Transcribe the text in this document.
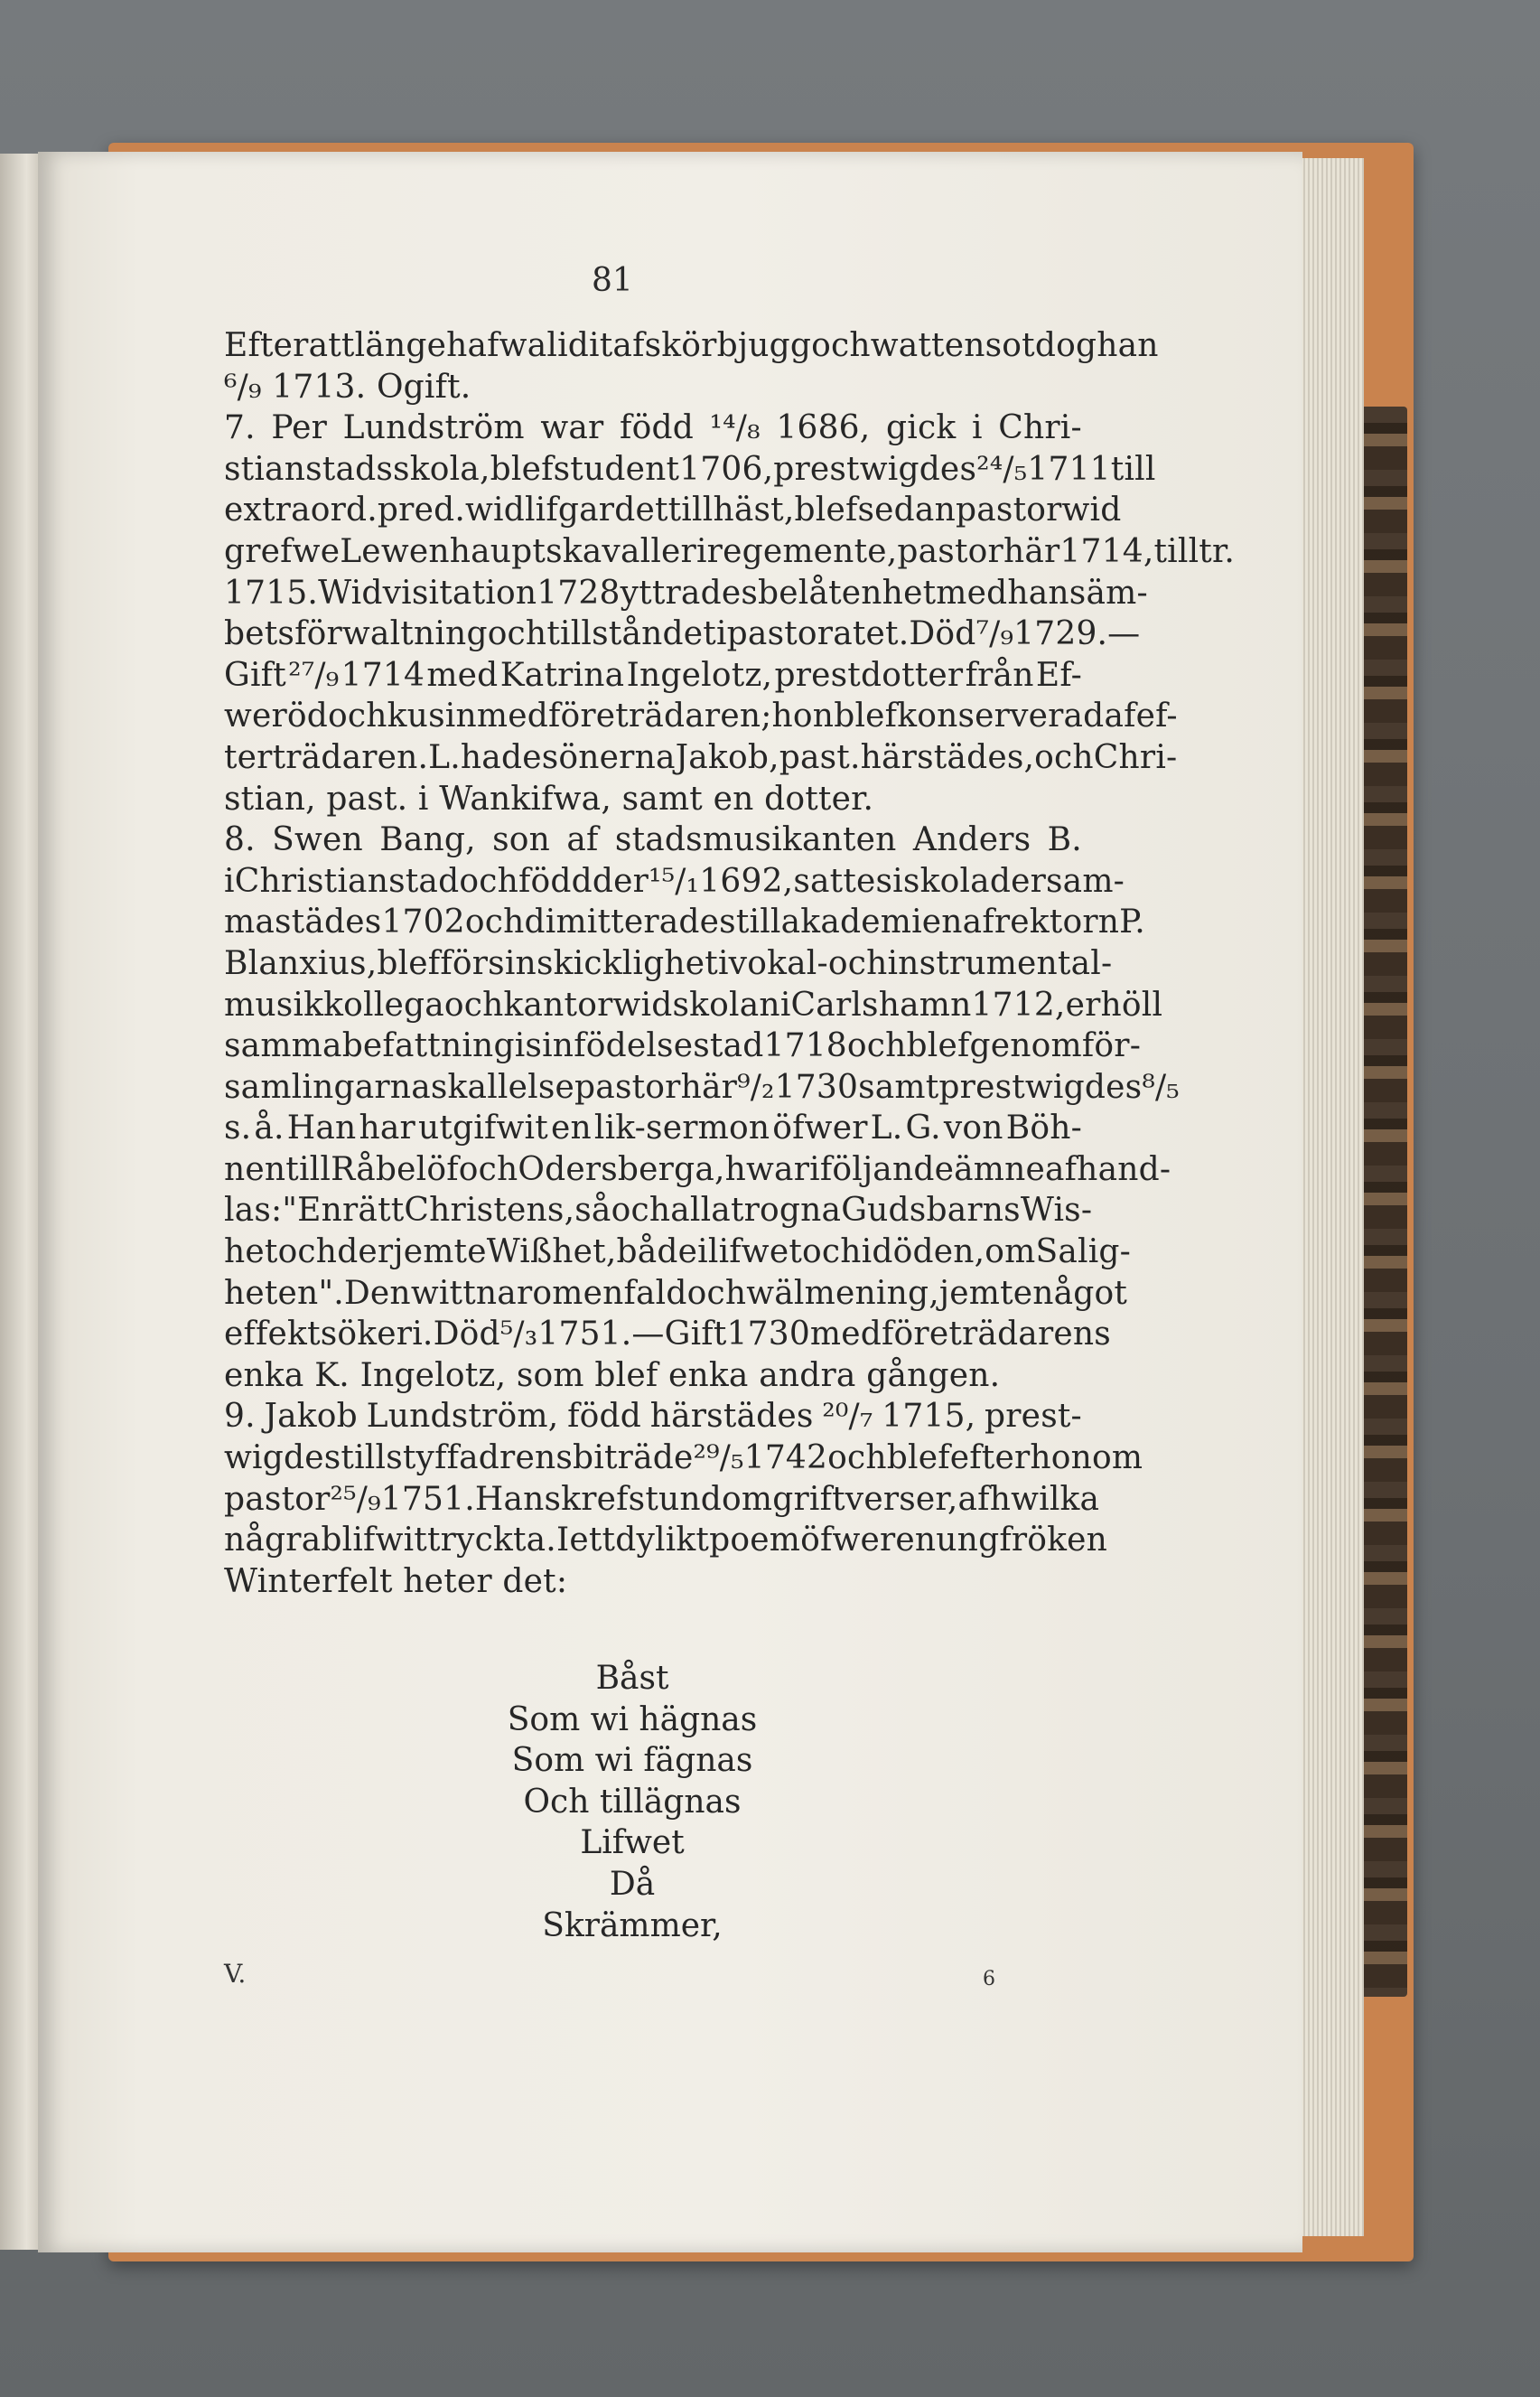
81
Efter att länge hafwa lidit af skörbjugg och wattensot dog han
⁶/₉ 1713. Ogift.
7. Per Lundström war född ¹⁴/₈ 1686, gick i Chri-
stianstads skola, blef student 1706, prestwigdes ²⁴/₅ 1711 till
extraord. pred. wid lifgardet till häst, blef sedan pastor wid
grefwe Lewenhaupts kavalleriregemente, pastor här 1714, tilltr.
1715. Wid visitation 1728 yttrades belåtenhet med hans äm-
betsförwaltning och tillståndet i pastoratet. Död ⁷/₉ 1729.—
Gift ²⁷/₉ 1714 med Katrina Ingelotz, prestdotter från Ef-
weröd och kusin med företrädaren; hon blef konserverad af ef-
terträdaren. L. hade sönerna Jakob, past. härstädes, och Chri-
stian, past. i Wankifwa, samt en dotter.
8. Swen Bang, son af stadsmusikanten Anders B.
i Christianstad och född der ¹⁵/₁ 1692, sattes i skola dersam-
mastädes 1702 och dimitterades till akademien af rektorn P.
Blanxius, blef för sin skicklighet i vokal- och instrumental-
musik kollega och kantor wid skolan i Carlshamn 1712, erhöll
samma befattning i sin födelsestad 1718 och blef genom för-
samlingarnas kallelse pastor här ⁹/₂ 1730 samt prestwigdes ⁸/₅
s. å. Han har utgifwit en lik-sermon öfwer L. G. von Böh-
nen till Råbelöf och Odersberga, hwari följande ämne afhand-
las: "En rätt Christens, så och alla trogna Guds barns Wis-
het och derjemte Wißhet, både i lifwet och i döden, om Salig-
heten". Den wittnar om enfald och wälmening, jemte något
effektsökeri. Död ⁵/₃ 1751. — Gift 1730 med företrädarens
enka K. Ingelotz, som blef enka andra gången.
9. Jakob Lundström, född härstädes ²⁰/₇ 1715, prest-
wigdes till styffadrens biträde ²⁹/₅ 1742 och blef efter honom
pastor ²⁵/₉ 1751. Han skref stundom griftverser, af hwilka
några blifwit tryckta. I ett dylikt poem öfwer en ung fröken
Winterfelt heter det:
Båst
Som wi hägnas
Som wi fägnas
Och tillägnas
Lifwet
Då
Skrämmer,
V.	6
